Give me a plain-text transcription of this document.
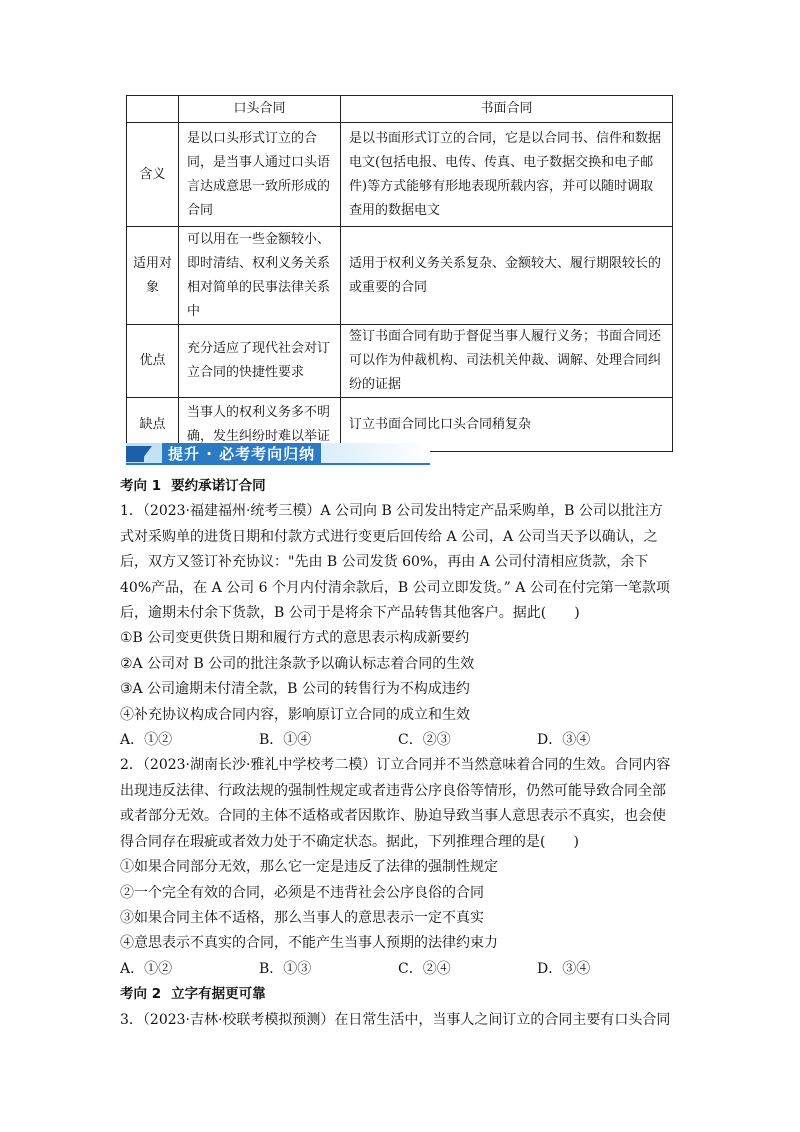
	口头合同	书面合同
含义	是以口头形式订立的合同，是当事人通过口头语言达成意思一致所形成的合同	是以书面形式订立的合同，它是以合同书、信件和数据电文(包括电报、电传、传真、电子数据交换和电子邮件)等方式能够有形地表现所载内容，并可以随时调取查用的数据电文
适用对象	可以用在一些金额较小、即时清结、权利义务关系相对简单的民事法律关系中	适用于权利义务关系复杂、金额较大、履行期限较长的或重要的合同
优点	充分适应了现代社会对订立合同的快捷性要求	签订书面合同有助于督促当事人履行义务；书面合同还可以作为仲裁机构、司法机关仲裁、调解、处理合同纠纷的证据
缺点	当事人的权利义务多不明确，发生纠纷时难以举证	订立书面合同比口头合同稍复杂
提升 · 必考考向归纳

考向 1 要约承诺订合同

1．（2023·福建福州·统考三模）A 公司向 B 公司发出特定产品采购单，B 公司以批注方式对采购单的进货日期和付款方式进行变更后回传给 A 公司，A 公司当天予以确认，之后，双方又签订补充协议："先由 B 公司发货 60%，再由 A 公司付清相应货款，余下 40%产品，在 A 公司 6 个月内付清余款后，B 公司立即发货。” A 公司在付完第一笔款项后，逾期未付余下货款，B 公司于是将余下产品转售其他客户。据此(　　)

①B 公司变更供货日期和履行方式的意思表示构成新要约

②A 公司对 B 公司的批注条款予以确认标志着合同的生效

③A 公司逾期未付清全款，B 公司的转售行为不构成违约

④补充协议构成合同内容，影响原订立合同的成立和生效

A．①②	B．①④	C．②③	D．③④

2．（2023·湖南长沙·雅礼中学校考二模）订立合同并不当然意味着合同的生效。合同内容出现违反法律、行政法规的强制性规定或者违背公序良俗等情形，仍然可能导致合同全部或者部分无效。合同的主体不适格或者因欺诈、胁迫导致当事人意思表示不真实，也会使得合同存在瑕疵或者效力处于不确定状态。据此，下列推理合理的是(　　)

①如果合同部分无效，那么它一定是违反了法律的强制性规定

②一个完全有效的合同，必须是不违背社会公序良俗的合同

③如果合同主体不适格，那么当事人的意思表示一定不真实

④意思表示不真实的合同，不能产生当事人预期的法律约束力

A．①②	B．①③	C．②④	D．③④

考向 2 立字有据更可靠

3．（2023·吉林·校联考模拟预测）在日常生活中，当事人之间订立的合同主要有口头合同
